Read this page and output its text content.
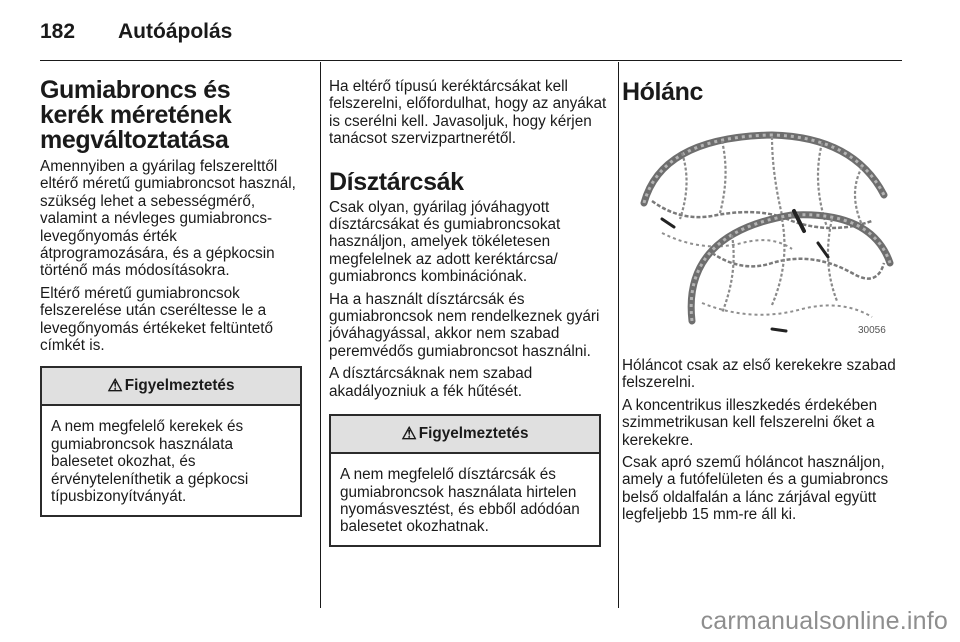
182 Autóápolás
Gumiabroncs és kerék méretének megváltoztatása

Amennyiben a gyárilag felszerelttől eltérő méretű gumiabroncsot használ, szükség lehet a sebességmérő, valamint a névleges gumiabroncs-levegőnyomás érték átprogramozására, és a gépkocsin történő más módosításokra.

Eltérő méretű gumiabroncsok felszerelése után cseréltesse le a levegőnyomás értékeket feltüntető címkét is.

⚠ Figyelmeztetés

A nem megfelelő kerekek és gumiabroncsok használata balesetet okozhat, és érvényteleníthetik a gépkocsi típusbizonyítványát.

Ha eltérő típusú keréktárcsákat kell felszerelni, előfordulhat, hogy az anyákat is cserélni kell. Javasoljuk, hogy kérjen tanácsot szervizpartnerétől.

Dísztárcsák

Csak olyan, gyárilag jóváhagyott dísztárcsákat és gumiabroncsokat használjon, amelyek tökéletesen megfelelnek az adott keréktárcsa/ gumiabroncs kombinációnak.

Ha a használt dísztárcsák és gumiabroncsok nem rendelkeznek gyári jóváhagyással, akkor nem szabad peremvédős gumiabroncsot használni.

A dísztárcsáknak nem szabad akadályozniuk a fék hűtését.

⚠ Figyelmeztetés

A nem megfelelő dísztárcsák és gumiabroncsok használata hirtelen nyomásvesztést, és ebből adódóan balesetet okozhatnak.

Hólánc
30056

Hóláncot csak az első kerekekre szabad felszerelni.

A koncentrikus illeszkedés érdekében szimmetrikusan kell felszerelni őket a kerekekre.

Csak apró szemű hóláncot használjon, amely a futófelületen és a gumiabroncs belső oldalfalán a lánc zárjával együtt legfeljebb 15 mm-re áll ki.

carmanualsonline.info
